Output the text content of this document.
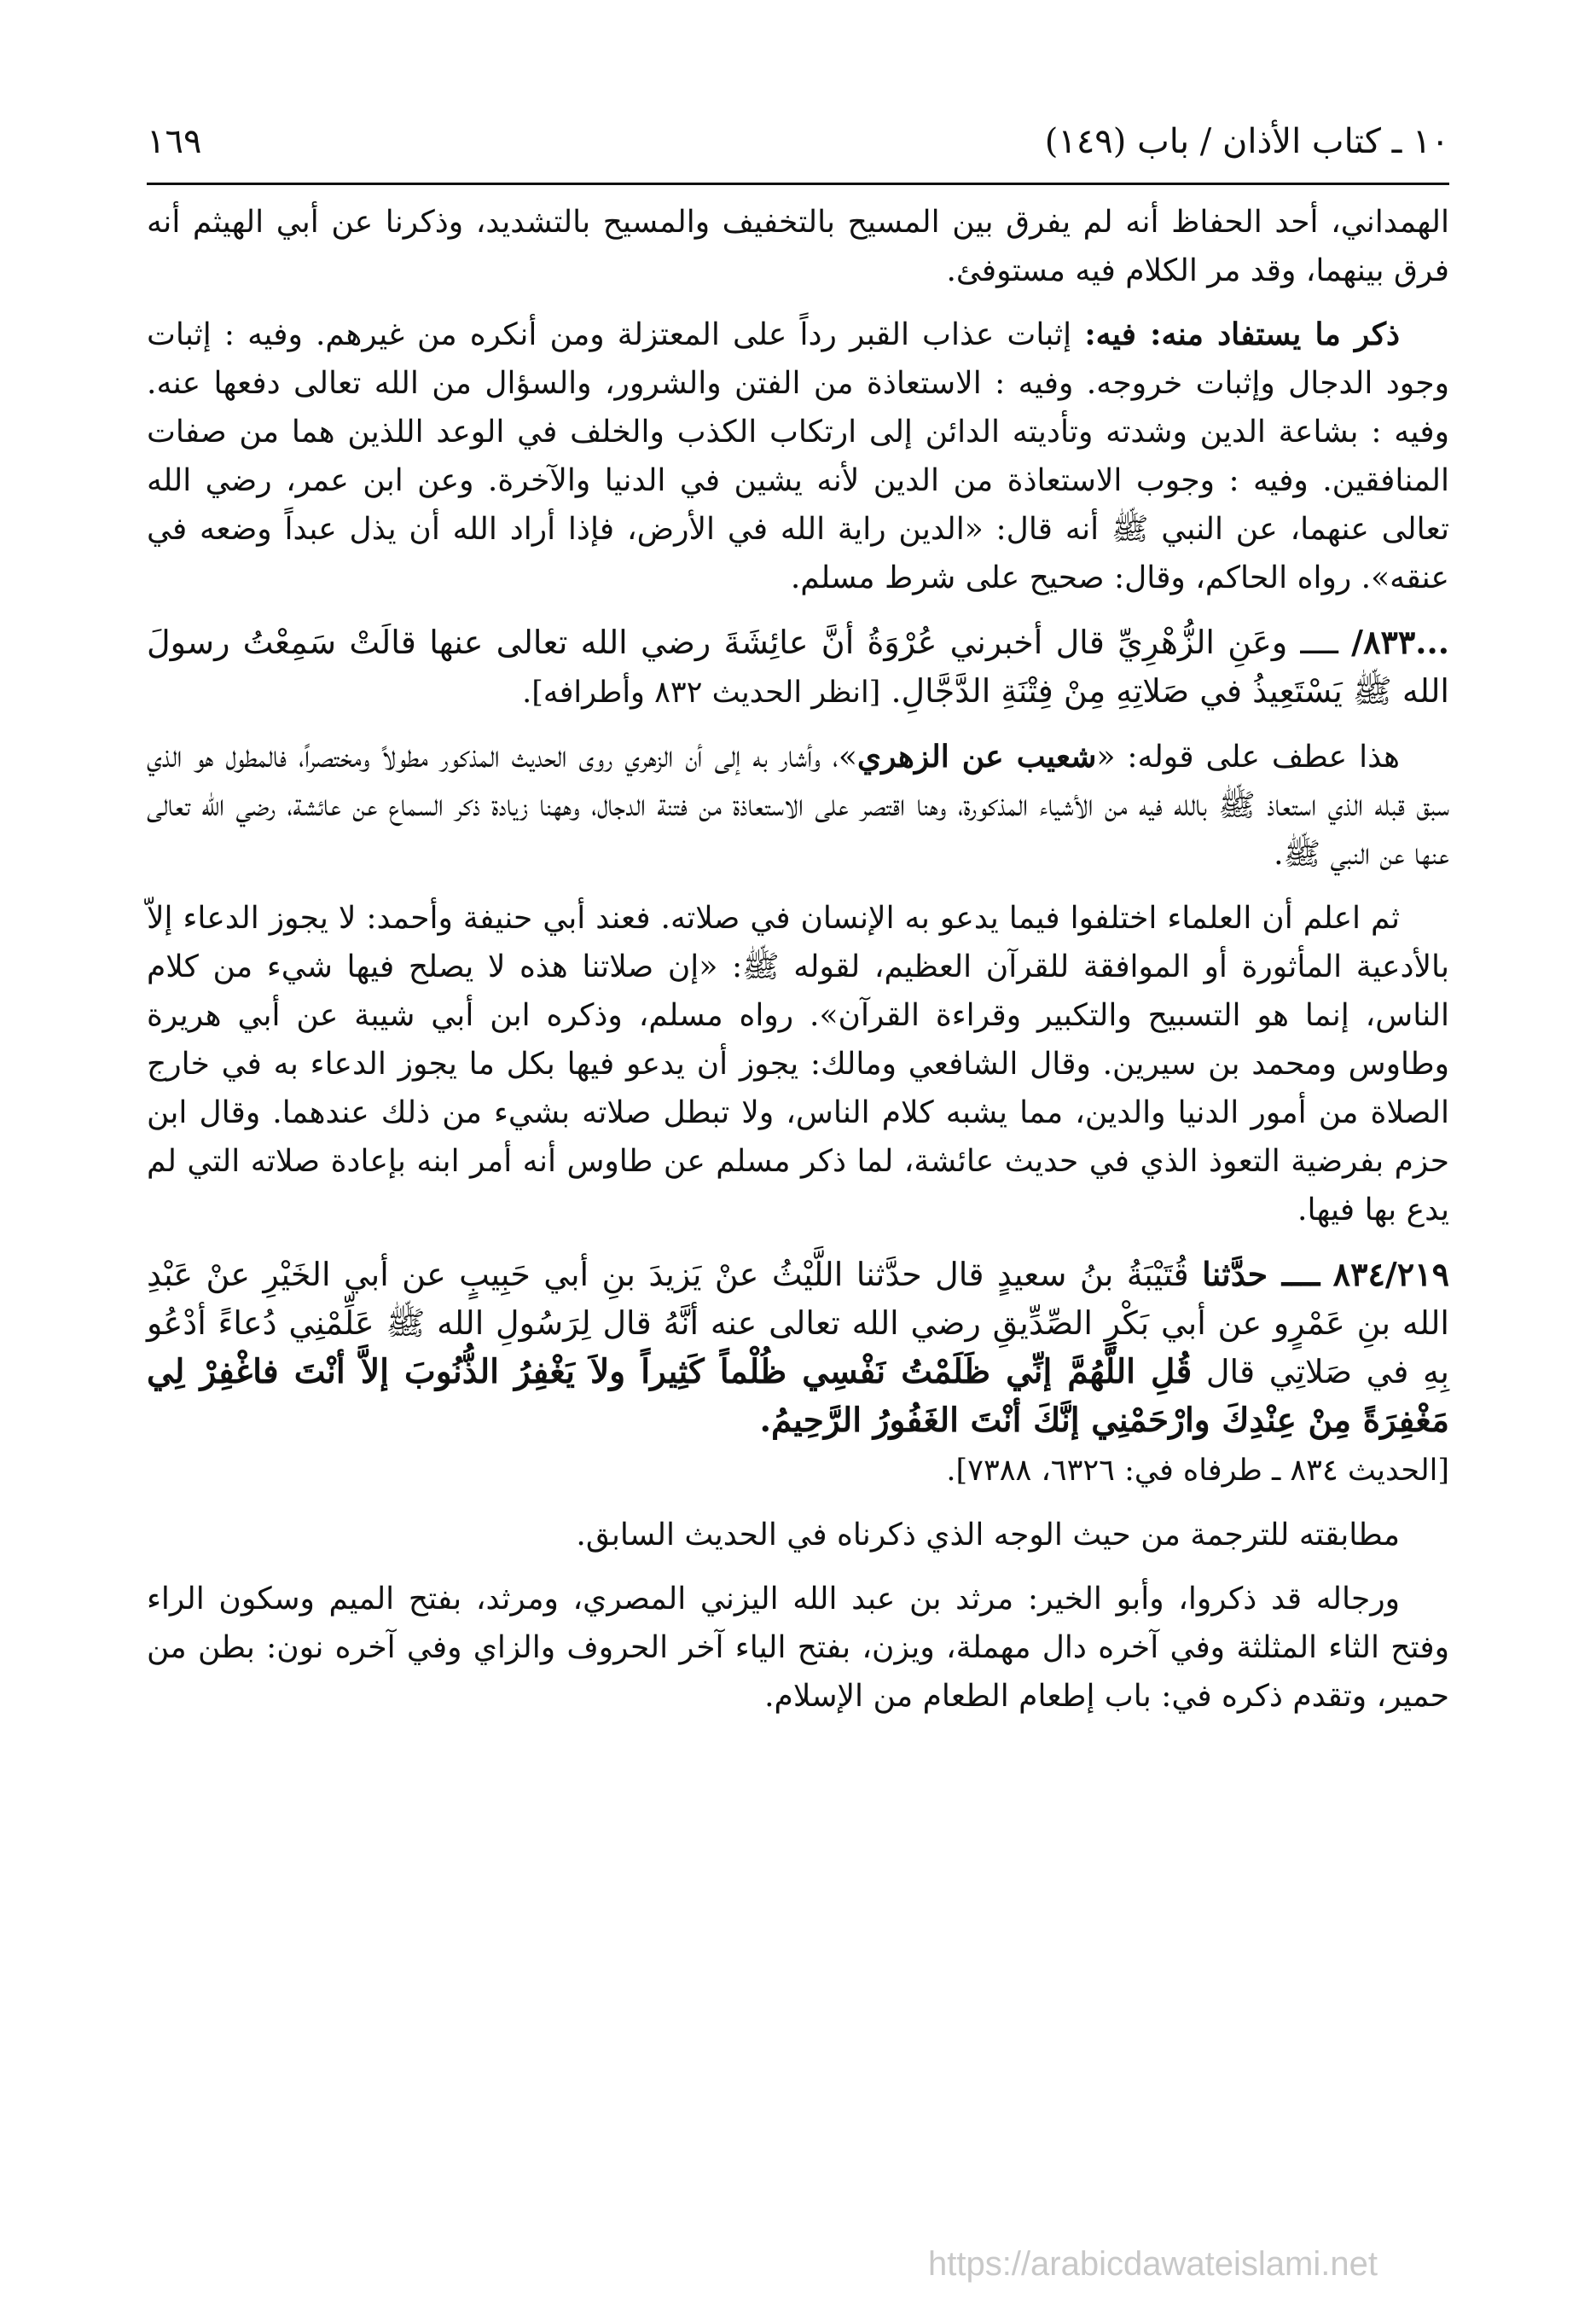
١٠ ـ كتاب الأذان / باب (١٤٩)
١٦٩

الهمداني، أحد الحفاظ أنه لم يفرق بين المسيح بالتخفيف والمسيح بالتشديد، وذكرنا عن أبي الهيثم أنه فرق بينهما، وقد مر الكلام فيه مستوفئ.

ذكر ما يستفاد منه: فيه: إثبات عذاب القبر رداً على المعتزلة ومن أنكره من غيرهم. وفيه : إثبات وجود الدجال وإثبات خروجه. وفيه : الاستعاذة من الفتن والشرور، والسؤال من الله تعالى دفعها عنه. وفيه : بشاعة الدين وشدته وتأديته الدائن إلى ارتكاب الكذب والخلف في الوعد اللذين هما من صفات المنافقين. وفيه : وجوب الاستعاذة من الدين لأنه يشين في الدنيا والآخرة. وعن ابن عمر، رضي الله تعالى عنهما، عن النبي ﷺ أنه قال: «الدين راية الله في الأرض، فإذا أراد الله أن يذل عبداً وضعه في عنقه». رواه الحاكم، وقال: صحيح على شرط مسلم.

...٨٣٣/ ــــ وعَنِ الزُّهْرِيِّ قال أخبرني عُرْوَةُ أنَّ عائِشَةَ رضي الله تعالى عنها قالَتْ سَمِعْتُ رسولَ الله ﷺ يَسْتَعِيذُ في صَلاتِهِ مِنْ فِتْنَةِ الدَّجَّالِ. [انظر الحديث ٨٣٢ وأطرافه].

هذا عطف على قوله: «شعيب عن الزهري»، وأشار به إلى أن الزهري روى الحديث المذكور مطولاً ومختصراً، فالمطول هو الذي سبق قبله الذي استعاذ ﷺ بالله فيه من الأشياء المذكورة، وهنا اقتصر على الاستعاذة من فتنة الدجال، وههنا زيادة ذكر السماع عن عائشة، رضي الله تعالى عنها عن النبي ﷺ.

ثم اعلم أن العلماء اختلفوا فيما يدعو به الإنسان في صلاته. فعند أبي حنيفة وأحمد: لا يجوز الدعاء إلاّ بالأدعية المأثورة أو الموافقة للقرآن العظيم، لقوله ﷺ: «إن صلاتنا هذه لا يصلح فيها شيء من كلام الناس، إنما هو التسبيح والتكبير وقراءة القرآن». رواه مسلم، وذكره ابن أبي شيبة عن أبي هريرة وطاوس ومحمد بن سيرين. وقال الشافعي ومالك: يجوز أن يدعو فيها بكل ما يجوز الدعاء به في خارج الصلاة من أمور الدنيا والدين، مما يشبه كلام الناس، ولا تبطل صلاته بشيء من ذلك عندهما. وقال ابن حزم بفرضية التعوذ الذي في حديث عائشة، لما ذكر مسلم عن طاوس أنه أمر ابنه بإعادة صلاته التي لم يدع بها فيها.

٨٣٤/٢١٩ ــــ حدَّثنا قُتَيْبَةُ بنُ سعيدٍ قال حدَّثنا اللَّيْثُ عنْ يَزيدَ بنِ أبي حَبِيبٍ عن أبي الخَيْرِ عنْ عَبْدِ الله بنِ عَمْرٍو عن أبي بَكْرٍ الصِّدِّيقِ رضي الله تعالى عنه أنَّهُ قال لِرَسُولِ الله ﷺ عَلِّمْنِي دُعاءً أدْعُو بِهِ في صَلاتِي قال قُلِ اللَّهُمَّ إنِّي ظَلَمْتُ نَفْسِي ظُلْماً كَثِيراً ولاَ يَغْفِرُ الذُّنُوبَ إلاَّ أنْتَ فاغْفِرْ لِي مَغْفِرَةً مِنْ عِنْدِكَ وارْحَمْنِي إنَّكَ أنْتَ الغَفُورُ الرَّحِيمُ.
[الحديث ٨٣٤ ـ طرفاه في: ٦٣٢٦، ٧٣٨٨].

مطابقته للترجمة من حيث الوجه الذي ذكرناه في الحديث السابق.

ورجاله قد ذكروا، وأبو الخير: مرثد بن عبد الله اليزني المصري، ومرثد، بفتح الميم وسكون الراء وفتح الثاء المثلثة وفي آخره دال مهملة، ويزن، بفتح الياء آخر الحروف والزاي وفي آخره نون: بطن من حمير، وتقدم ذكره في: باب إطعام الطعام من الإسلام.

https://arabicdawateislami.net
